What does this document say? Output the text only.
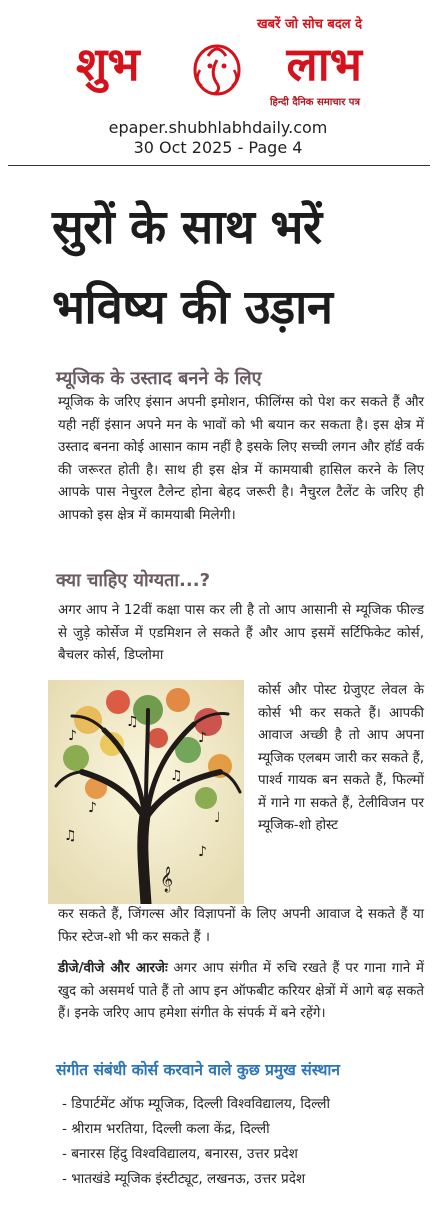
खबरें जो सोच बदल दे
शुभ	लाभ
हिन्दी दैनिक समाचार पत्र
epaper.shubhlabhdaily.com
30 Oct 2025 - Page 4
सुरों के साथ भरें
भविष्य की उड़ान
म्यूजिक के उस्ताद बनने के लिए
म्यूजिक के जरिए इंसान अपनी इमोशन, फीलिंग्स को पेश कर सकते हैं और यही नहीं इंसान अपने मन के भावों को भी बयान कर सकता है। इस क्षेत्र में उस्ताद बनना कोई आसान काम नहीं है इसके लिए सच्ची लगन और हॉर्ड वर्क की जरूरत होती है। साथ ही इस क्षेत्र में कामयाबी हासिल करने के लिए आपके पास नेचुरल टैलेन्ट होना बेहद जरूरी है। नैचुरल टैलेंट के जरिए ही आपको इस क्षेत्र में कामयाबी मिलेगी।
क्या चाहिए योग्यता...?
अगर आप ने 12वीं कक्षा पास कर ली है तो आप आसानी से म्यूजिक फील्ड से जुड़े कोर्सेज में एडमिशन ले सकते हैं और आप इसमें सर्टिफिकेट कोर्स, बैचलर कोर्स, डिप्लोमा
♪
♫
♪
♫
♪
♩
♫
♪
𝄞
कोर्स और पोस्ट ग्रेजुएट लेवल के कोर्स भी कर सकते हैं। आपकी आवाज अच्छी है तो आप अपना म्यूजिक एलबम जारी कर सकते हैं, पार्श्व गायक बन सकते हैं, फिल्मों में गाने गा सकते हैं, टेलीविजन पर म्यूजिक-शो होस्ट
कर सकते हैं, जिंगल्स और विज्ञापनों के लिए अपनी आवाज दे सकते हैं या फिर स्टेज-शो भी कर सकते हैं ।
डीजे/वीजे और आरजेः अगर आप संगीत में रुचि रखते हैं पर गाना गाने में खुद को असमर्थ पाते हैं तो आप इन ऑफबीट करियर क्षेत्रों में आगे बढ़ सकते हैं। इनके जरिए आप हमेशा संगीत के संपर्क में बने रहेंगे।
संगीत संबंधी कोर्स करवाने वाले कुछ प्रमुख संस्थान
- डिपार्टमेंट ऑफ म्यूजिक, दिल्ली विश्वविद्यालय, दिल्ली
- श्रीराम भरतिया, दिल्ली कला केंद्र, दिल्ली
- बनारस हिंदु विश्वविद्यालय, बनारस, उत्तर प्रदेश
- भातखंडे म्यूजिक इंस्टीट्यूट, लखनऊ, उत्तर प्रदेश
